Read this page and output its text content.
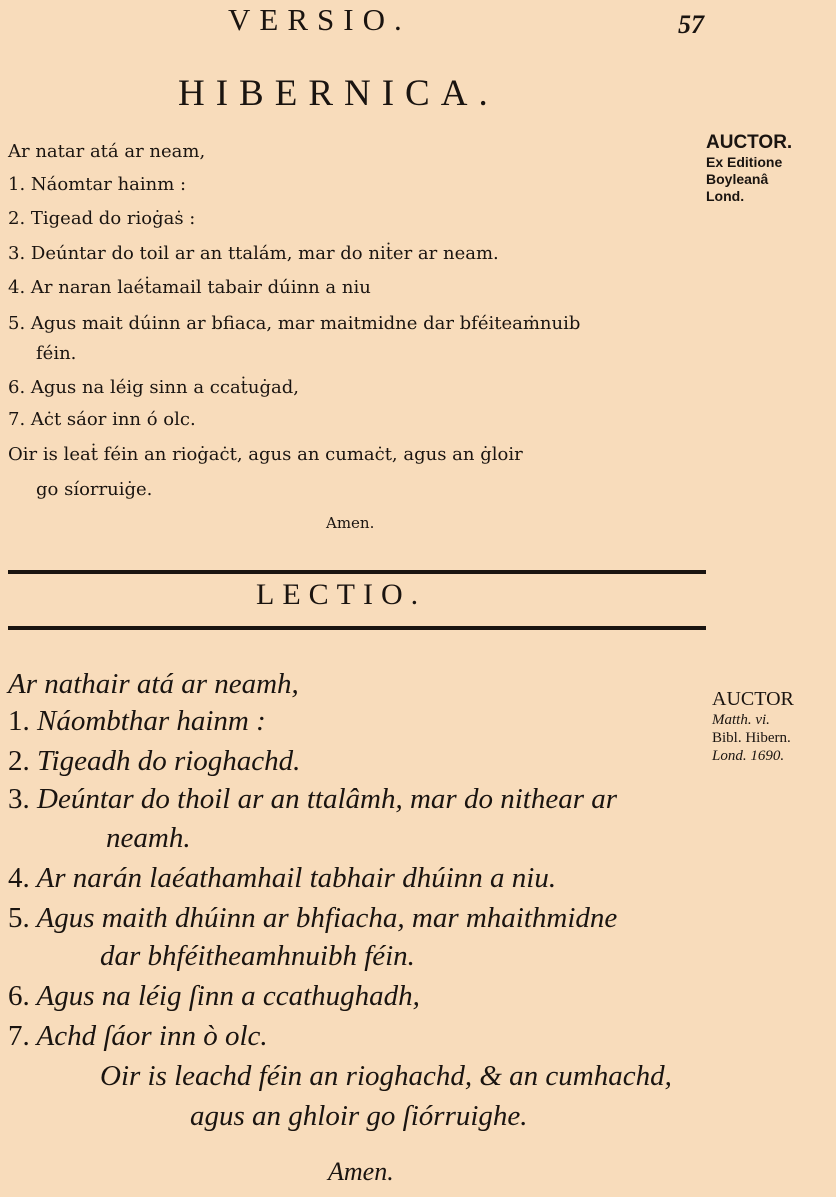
VERSIO.	57
HIBERNICA.
Ar natar atá ar neam,
1. Náomtar hainm :
2. Tigead do rioġaṡ :
3. Deúntar do toil ar an ttalám, mar do niṫer ar neam.
4. Ar naran laéṫamail tabair dúinn a niu
5. Agus mait dúinn ar bfiaca, mar maitmidne dar bféiteaṁnuib
féin.
6. Agus na léig sinn a ccaṫuġad,
7. Aċt sáor inn ó olc.
Oir is leaṫ féin an rioġaċt, agus an cumaċt, agus an ġloir
go síorruiġe.
Amen.
AUCTOR.
Ex Editione
Boyleanâ
Lond.
LECTIO.
Ar nathair atá ar neamh,
1. Náombthar hainm :
2. Tigeadh do rioghachd.
3. Deúntar do thoil ar an ttalâmh, mar do nithear ar
neamh.
4. Ar narán laéathamhail tabhair dhúinn a niu.
5. Agus maith dhúinn ar bhfiacha, mar mhaithmidne
dar bhféitheamhnuibh féin.
6. Agus na léig ſinn a ccathughadh,
7. Achd ſáor inn ò olc.
Oir is leachd féin an rioghachd, & an cumhachd,
agus an ghloir go ſiórruighe.
Amen.
AUCTOR
Matth. vi.
Bibl. Hibern.
Lond. 1690.
